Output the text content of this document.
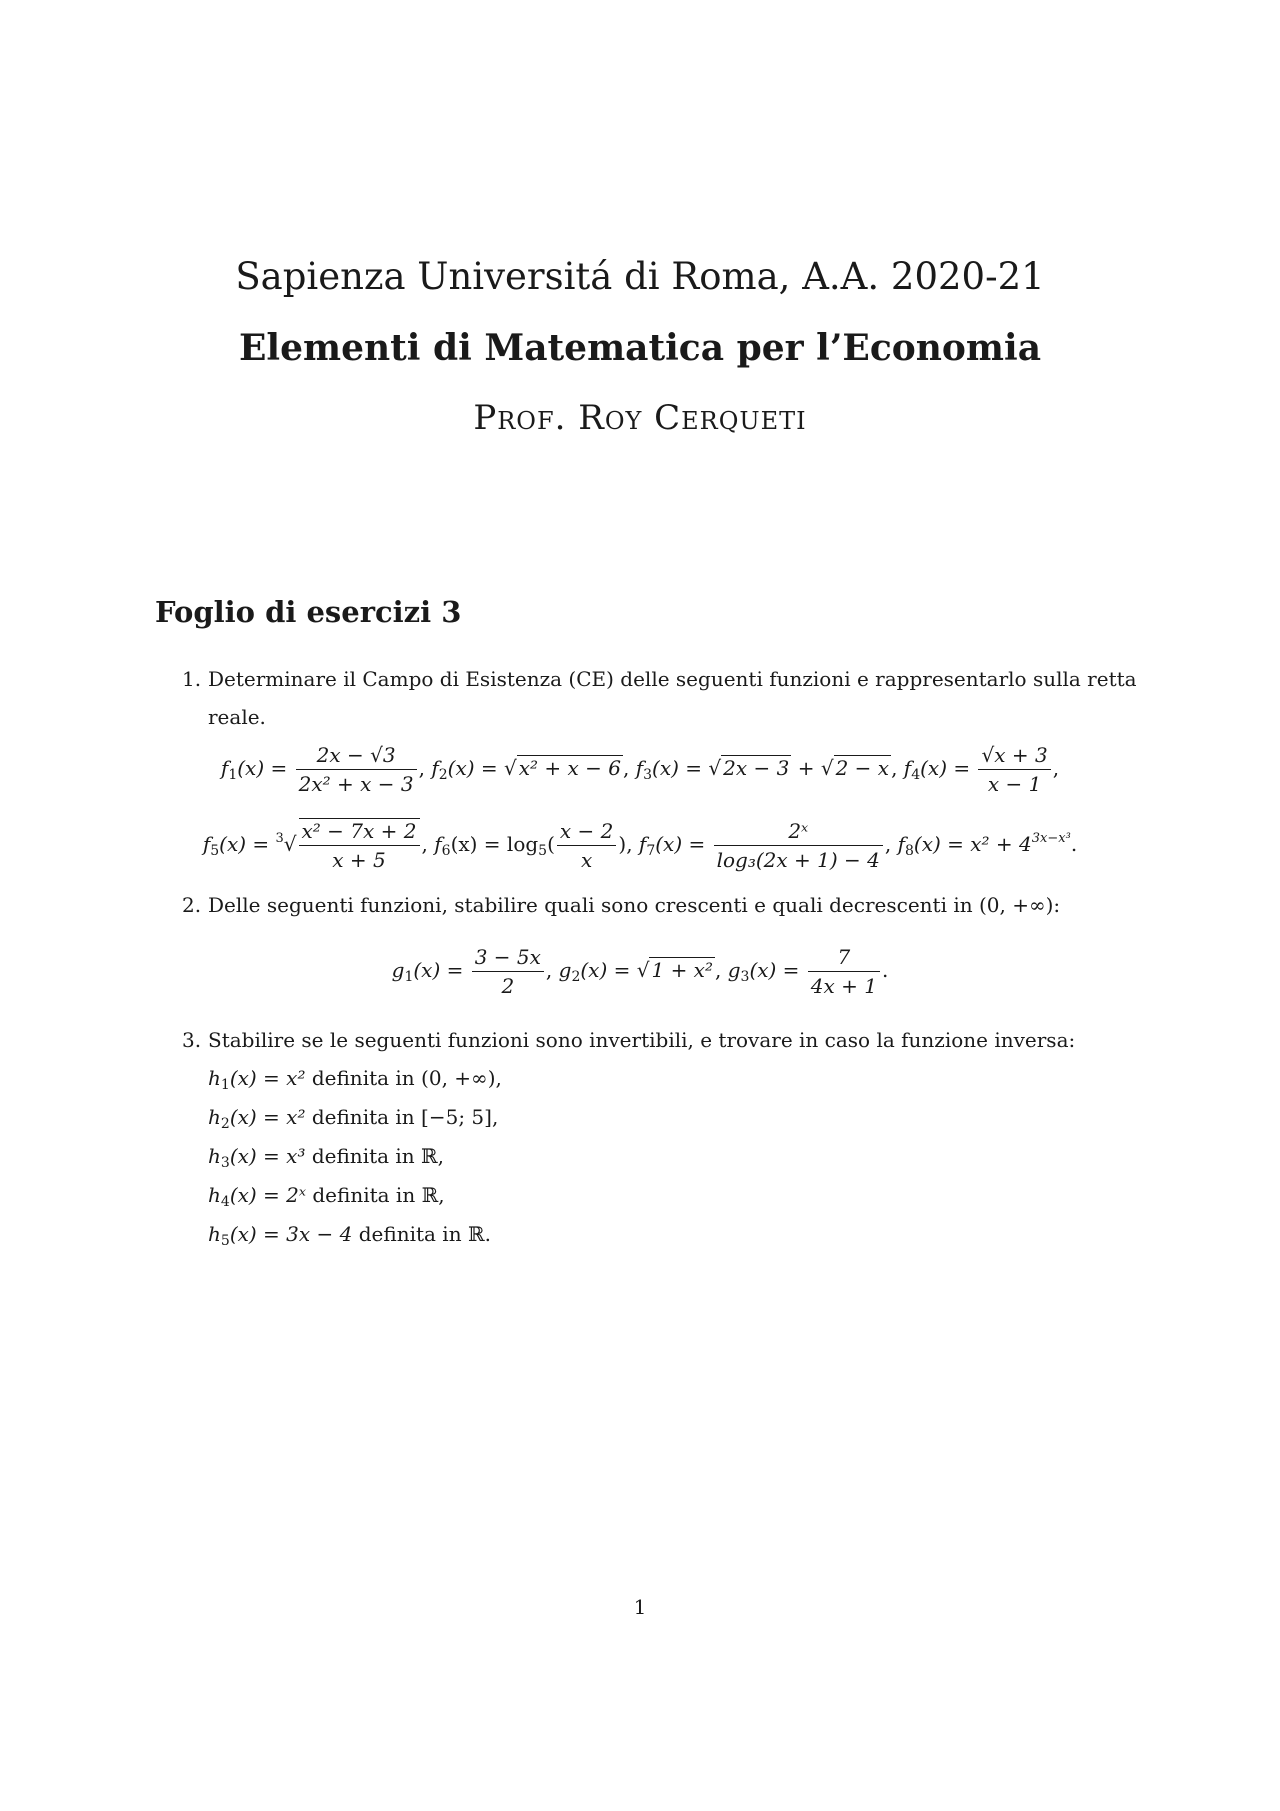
Sapienza Universitá di Roma, A.A. 2020-21
Elementi di Matematica per l’Economia
Prof. Roy Cerqueti
Foglio di esercizi 3
1. Determinare il Campo di Esistenza (CE) delle seguenti funzioni e rappresentarlo sulla retta
reale.
$f_1(x) = \frac{2x - √3}{\text{2x² + x − 3}}$ , $f_2(x)$ = √ x² + x − 6 , $f_3(x)$ = √ 2x − 3 + √ 2 − x , $f_4(x) = \frac{√x + 3}{x - 1}$ ,
$f_5(x) = ^3√ \frac{\text{x² − 7x + 2}}{x + 5}$ , $f_6(x) = \log_5( \frac{x - 2}{x}$ ), $f_7(x) = \frac{\text{2ˣ}}{\text{log₃(2x + 1) − 4}}$ , $f_8(x) = x^2 + 4^{3x-x^3}$.
2. Delle seguenti funzioni, stabilire quali sono crescenti e quali decrescenti in (0, +∞):
$g_1(x) = \frac{3 - 5x}{2}$ , $g_2(x)$ = √ 1 + x² , $g_3(x) = \frac{7}{4x + 1}$ .
3. Stabilire se le seguenti funzioni sono invertibili, e trovare in caso la funzione inversa:
$h_1(x) = x^2$ definita in (0, +∞),
$h_2(x) = x^2$ definita in [−5; 5],
$h_3(x) = x^3$ definita in ℝ,
$h_4(x)$ = 2ˣ definita in ℝ,
$h_5(x) = 3x - 4$ definita in ℝ.
1
